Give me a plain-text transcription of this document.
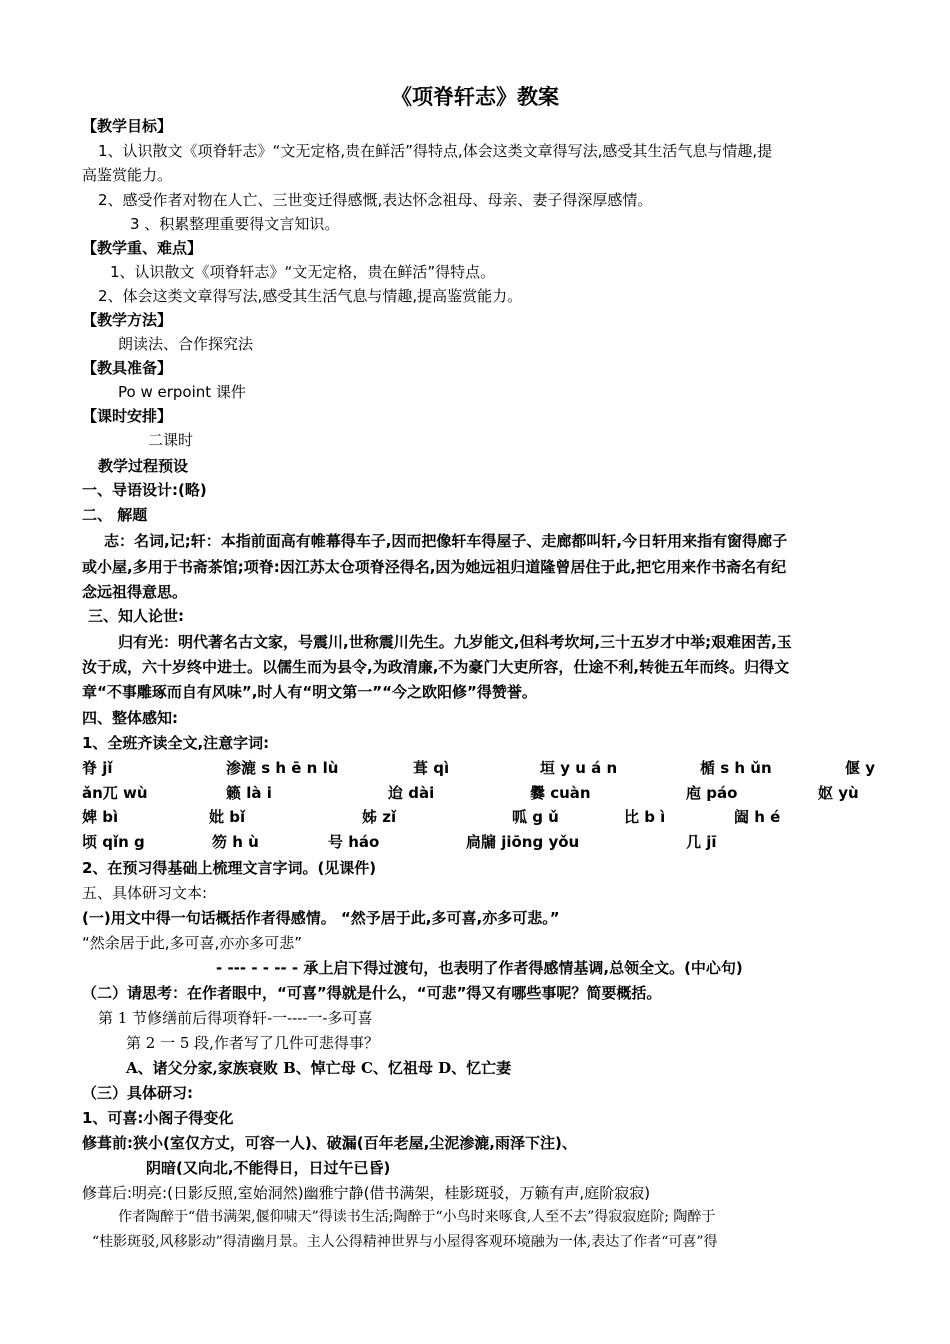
《项脊轩志》教案
【教学目标】
1、认识散文《项脊轩志》“文无定格,贵在鲜活”得特点,体会这类文章得写法,感受其生活气息与情趣,提
高鉴赏能力。
2、感受作者对物在人亡、三世变迁得感慨,表达怀念祖母、母亲、妻子得深厚感情。
3 、积累整理重要得文言知识。
【教学重、难点】
1、认识散文《项脊轩志》“文无定格，贵在鲜活”得特点。
2、体会这类文章得写法,感受其生活气息与情趣,提高鉴赏能力。
【教学方法】
朗读法、合作探究法
【教具准备】
Po w erpoint 课件
【课时安排】
二课时
教学过程预设
一、导语设计:(略)
二、 解题
志：名词,记;轩：本指前面高有帷幕得车子,因而把像轩车得屋子、走廊都叫轩,今日轩用来指有窗得廊子
或小屋,多用于书斋茶馆;项脊:因江苏太仓项脊泾得名,因为她远祖归道隆曾居住于此,把它用来作书斋名有纪
念远祖得意思。
三、知人论世:
归有光：明代著名古文家，号震川,世称震川先生。九岁能文,但科考坎坷,三十五岁才中举;艰难困苦,玉
汝于成，六十岁终中进士。以儒生而为县令,为政清廉,不为豪门大吏所容，仕途不利,转徙五年而终。归得文
章“不事雕琢而自有风味”,时人有“明文第一”“今之欧阳修”得赞誉。
四、整体感知:
1、全班齐读全文,注意字词:
脊 jǐ	渗漉 s h ē n lù	葺 qì	垣 y u á n	楯 s h ǔn	偃 y
ǎn兀 wù	籁 là i	迨 dài	爨 cuàn	庖 páo	妪 yù
婢 bì	妣 bǐ	姊 zǐ	呱 g ǔ	比 b ì	阖 h é
顷 qǐn g	笏 h ù	号 háo	扃牖 jiōng yǒu	几 jī
2、在预习得基础上梳理文言字词。(见课件)
五、具体研习文本:
(一)用文中得一句话概括作者得感情。 “然予居于此,多可喜,亦多可悲。”
“然余居于此,多可喜,亦亦多可悲”
- --- - - -- - 承上启下得过渡句，也表明了作者得感情基调,总领全文。(中心句)
（二）请思考：在作者眼中，“可喜”得就是什么，“可悲”得又有哪些事呢？简要概括。
第 1 节修缮前后得项脊轩-一----一-多可喜
第 2 一 5 段,作者写了几件可悲得事？
A、诸父分家,家族衰败 B、悼亡母 C、忆祖母 D、忆亡妻
（三）具体研习:
1、可喜:小阁子得变化
修葺前:狭小(室仅方丈，可容一人)、破漏(百年老屋,尘泥渗漉,雨泽下注)、
阴暗(又向北,不能得日，日过午已昏)
修葺后:明亮:(日影反照,室始洞然)幽雅宁静(借书满架，桂影斑驳，万籁有声,庭阶寂寂)
作者陶醉于“借书满架,偃仰啸天”得读书生活;陶醉于“小鸟时来啄食,人至不去”得寂寂庭阶; 陶醉于
“桂影斑驳,风移影动”得清幽月景。主人公得精神世界与小屋得客观环境融为一体,表达了作者“可喜”得
